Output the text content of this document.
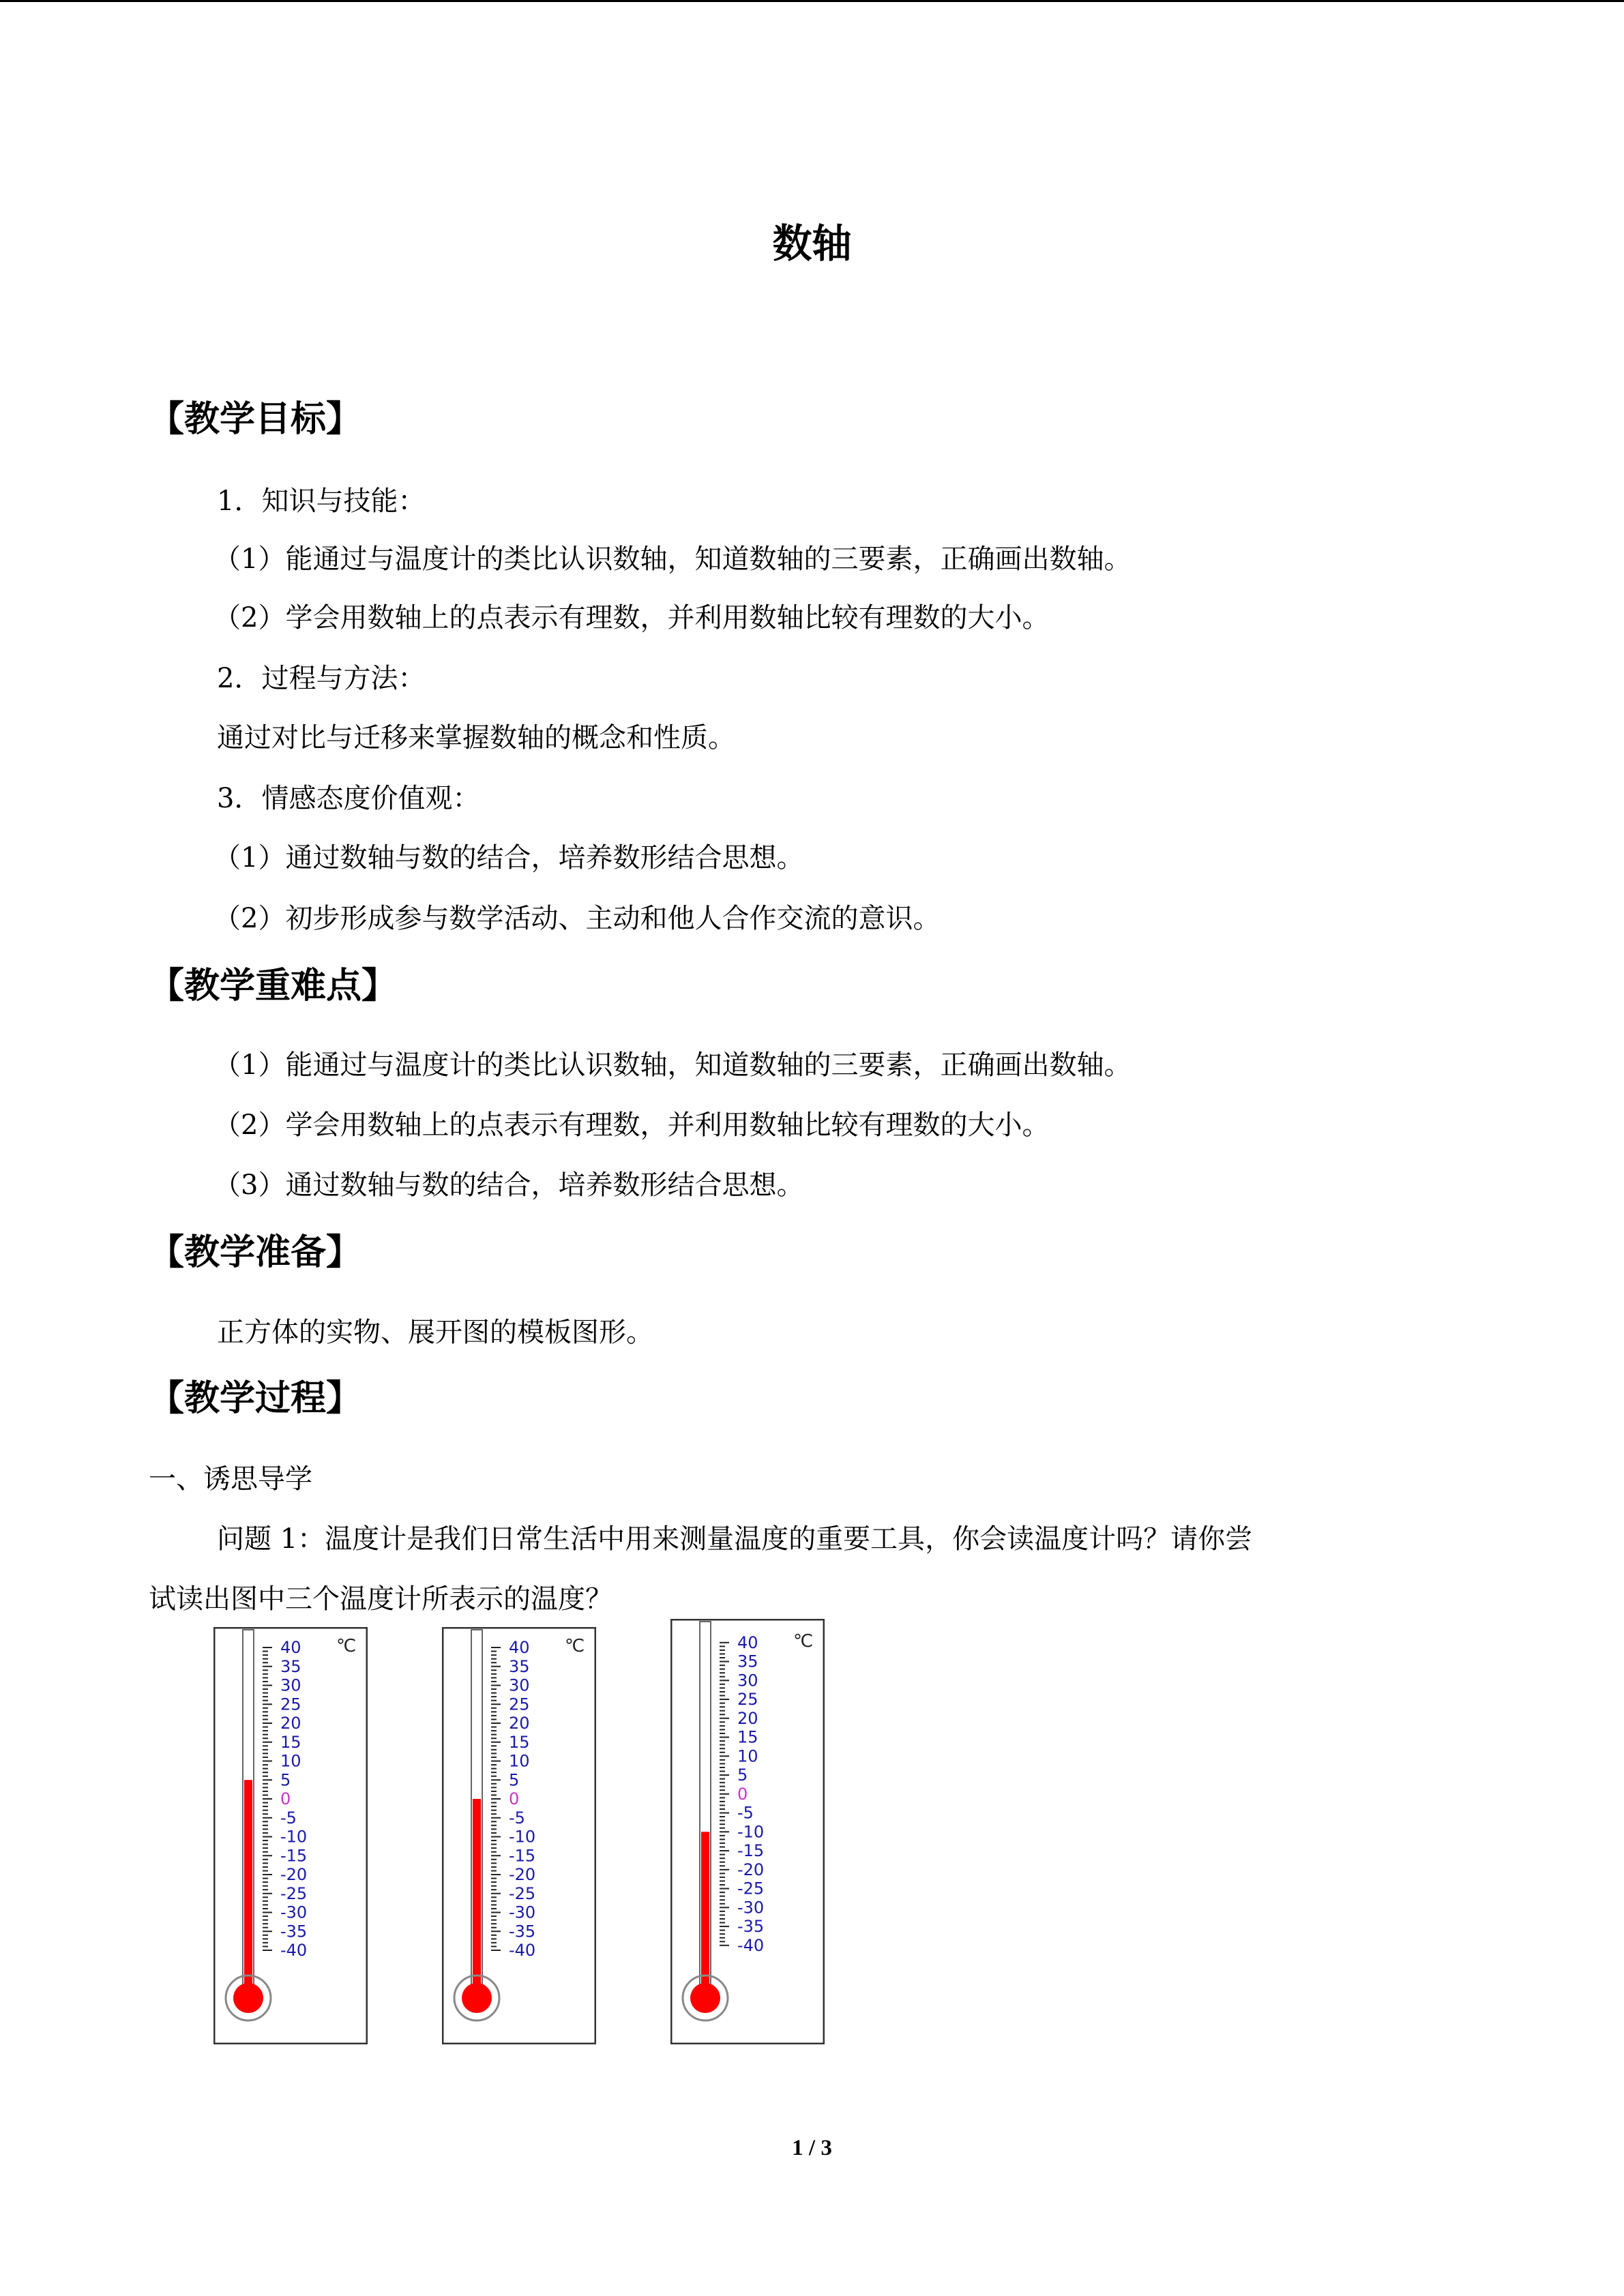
数轴
【教学目标】
1．知识与技能：
（1）能通过与温度计的类比认识数轴，知道数轴的三要素，正确画出数轴。
（2）学会用数轴上的点表示有理数，并利用数轴比较有理数的大小。
2．过程与方法：
通过对比与迁移来掌握数轴的概念和性质。
3．情感态度价值观：
（1）通过数轴与数的结合，培养数形结合思想。
（2）初步形成参与数学活动、主动和他人合作交流的意识。
【教学重难点】
（1）能通过与温度计的类比认识数轴，知道数轴的三要素，正确画出数轴。
（2）学会用数轴上的点表示有理数，并利用数轴比较有理数的大小。
（3）通过数轴与数的结合，培养数形结合思想。
【教学准备】
正方体的实物、展开图的模板图形。
【教学过程】
一、诱思导学
问题 1：温度计是我们日常生活中用来测量温度的重要工具，你会读温度计吗？请你尝
试读出图中三个温度计所表示的温度？
40
35
30
25
20
15
10
5
0
-5
-10
-15
-20
-25
-30
-35
-40
℃	40
35
30
25
20
15
10
5
0
-5
-10
-15
-20
-25
-30
-35
-40
℃	40
35
30
25
20
15
10
5
0
-5
-10
-15
-20
-25
-30
-35
-40
℃
1 / 3
